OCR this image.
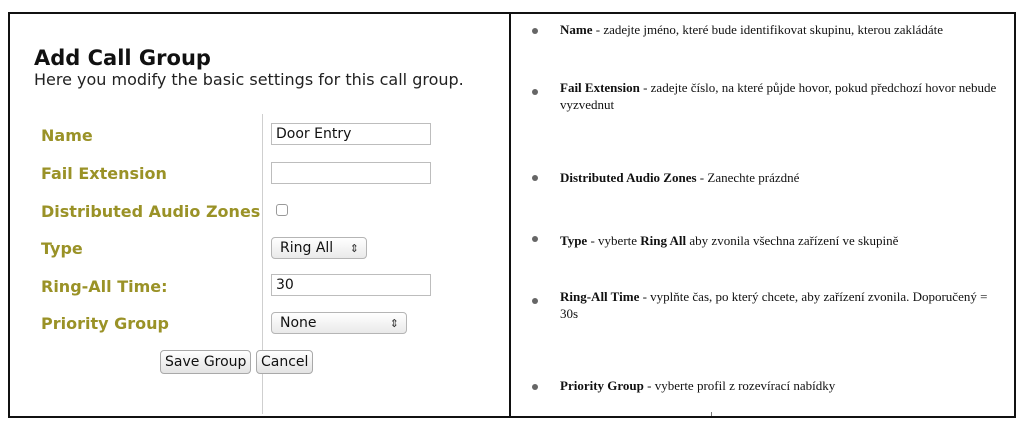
Add Call Group
Here you modify the basic settings for this call group.
Name	Door Entry
Fail Extension
Distributed Audio Zones
Type	Ring All ⇕
Ring-All Time:	30
Priority Group	None	⇕
Save Group	Cancel
Name - zadejte jméno, které bude identifikovat skupinu, kterou zakládáte
Fail Extension - zadejte číslo, na které půjde hovor, pokud předchozí hovor nebude vyzvednut
Distributed Audio Zones - Zanechte prázdné
Type - vyberte Ring All aby zvonila všechna zařízení ve skupině
Ring-All Time - vyplňte čas, po který chcete, aby zařízení zvonila. Doporučený = 30s
Priority Group - vyberte profil z rozevírací nabídky
